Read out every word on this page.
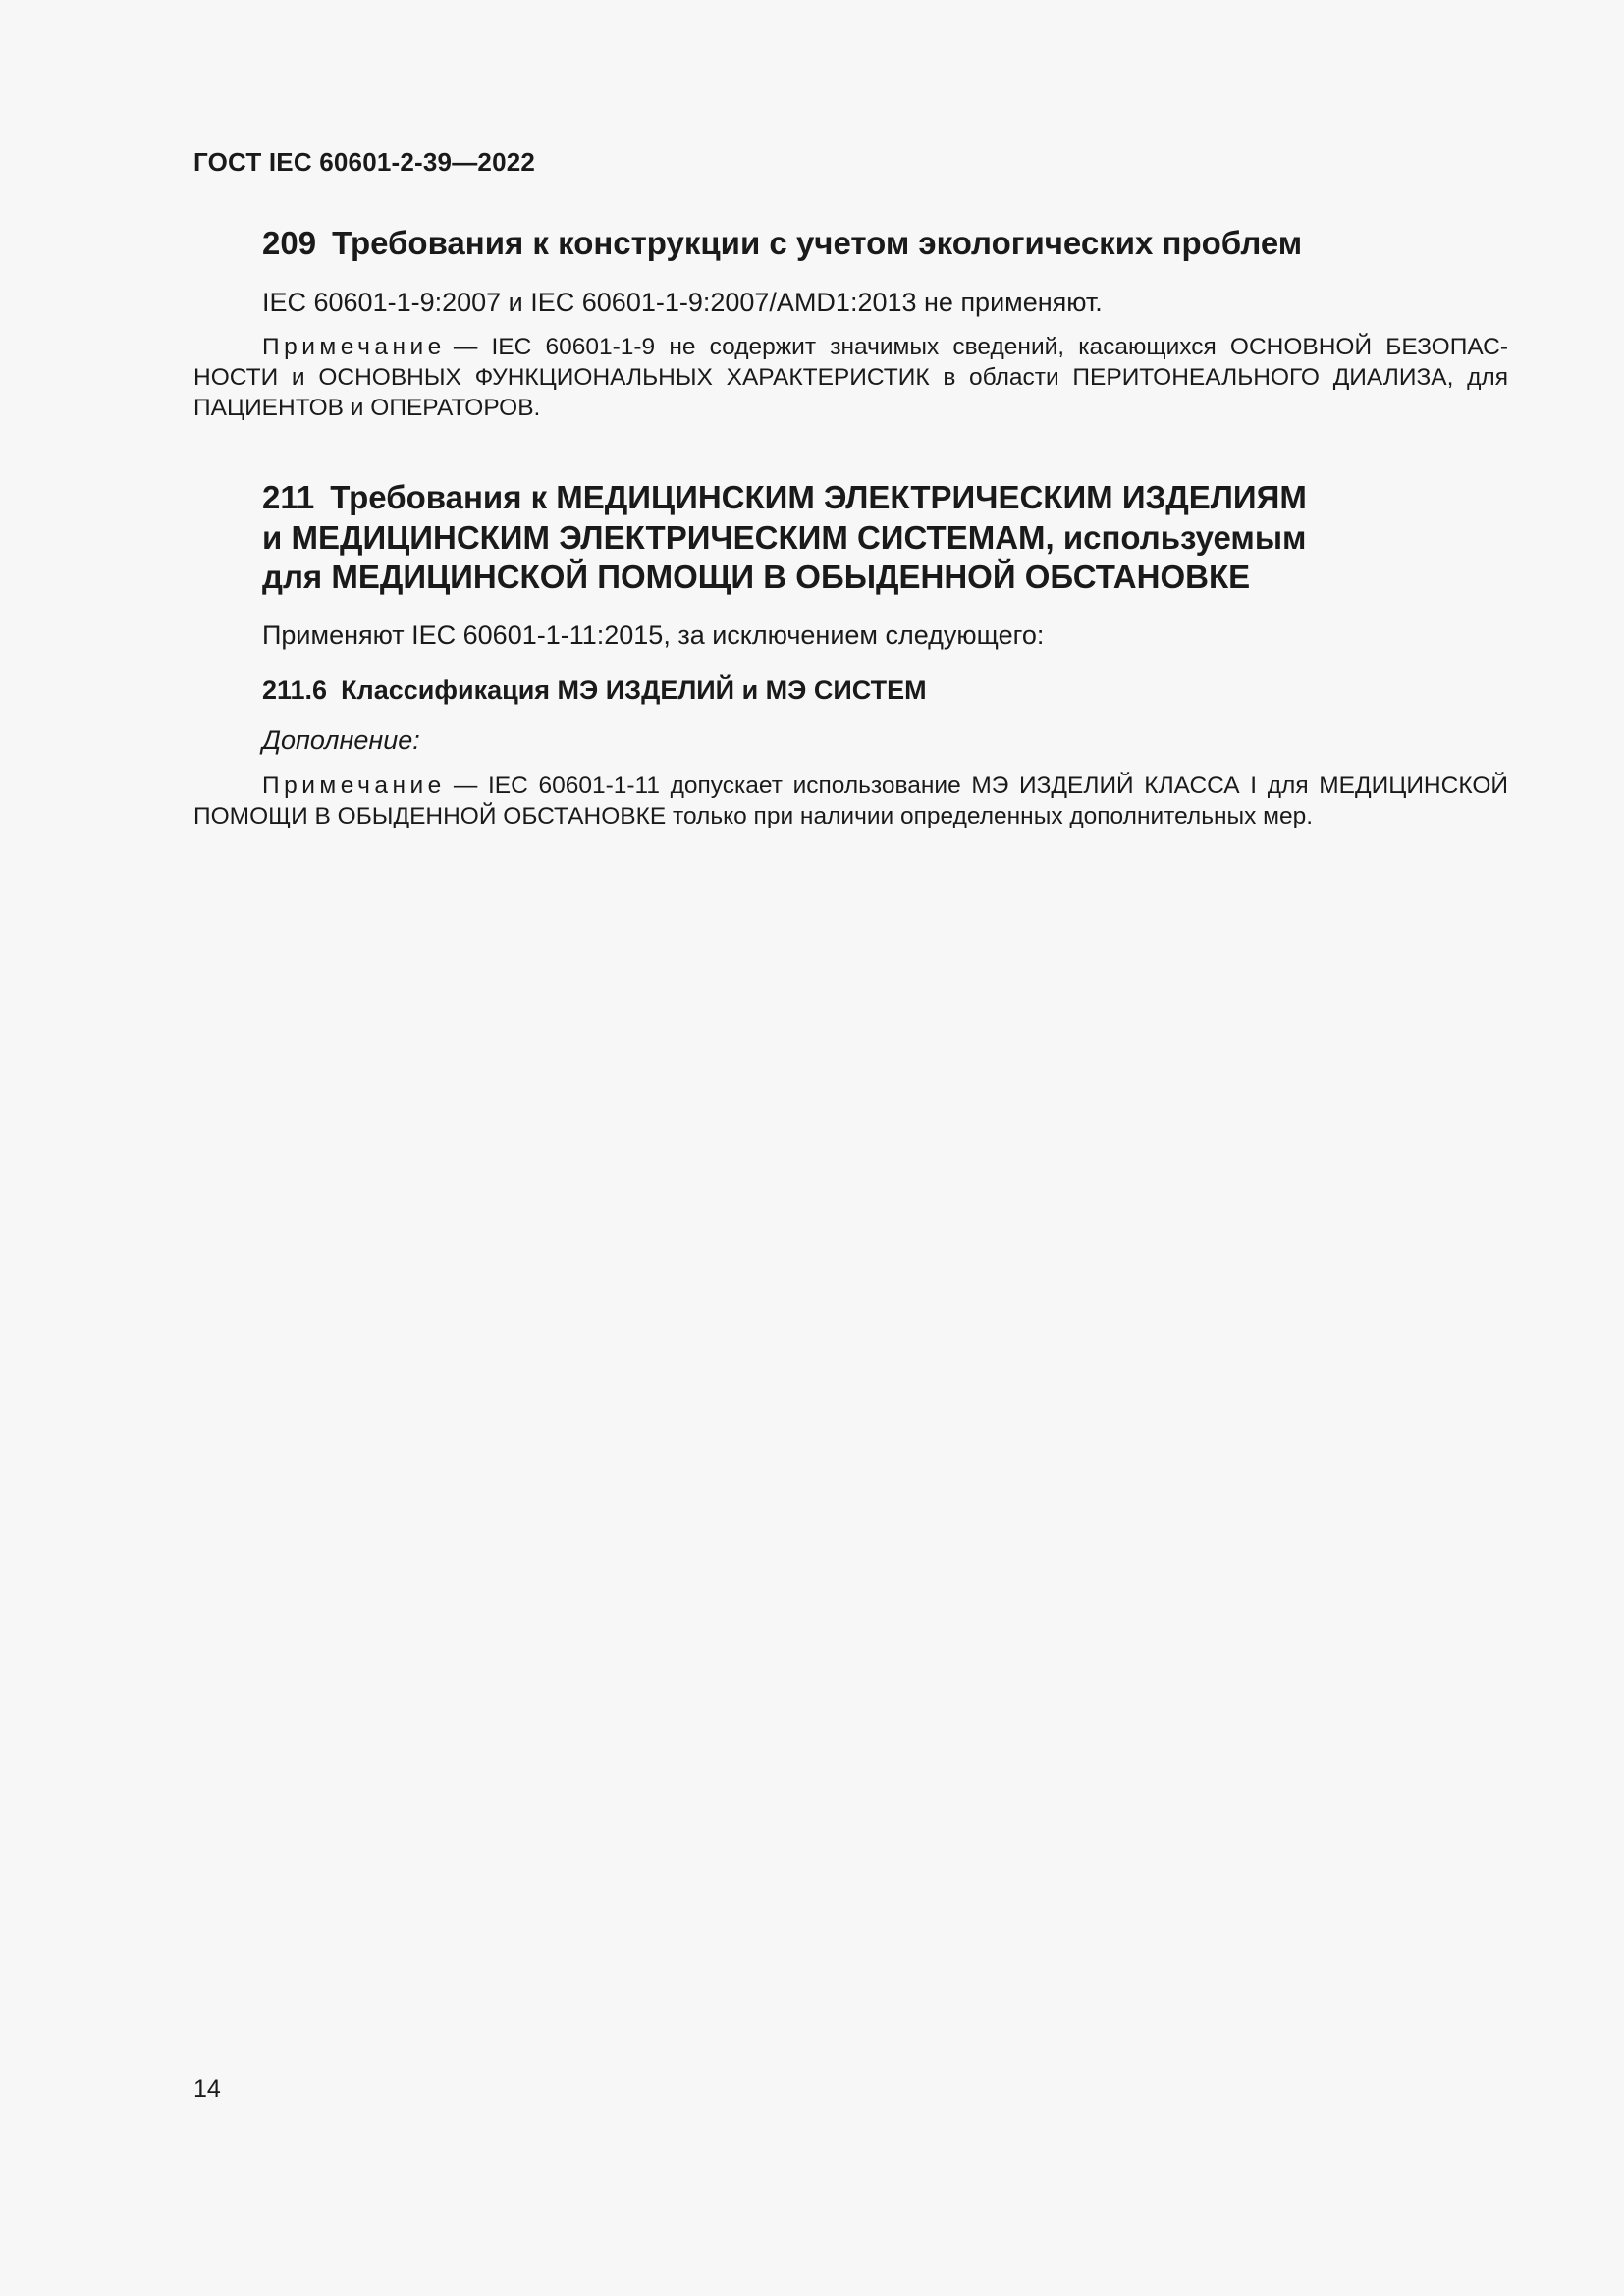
ГОСТ IEC 60601-2-39—2022
209 Требования к конструкции с учетом экологических проблем
IEC 60601-1-9:2007 и IEC 60601-1-9:2007/AMD1:2013 не применяют.
Примечание — IEC 60601-1-9 не содержит значимых сведений, касающихся ОСНОВНОЙ БЕЗОПАСНОСТИ и ОСНОВНЫХ ФУНКЦИОНАЛЬНЫХ ХАРАКТЕРИСТИК в области ПЕРИТОНЕАЛЬНОГО ДИАЛИЗА, для ПАЦИЕНТОВ и ОПЕРАТОРОВ.
211 Требования к МЕДИЦИНСКИМ ЭЛЕКТРИЧЕСКИМ ИЗДЕЛИЯМ
и МЕДИЦИНСКИМ ЭЛЕКТРИЧЕСКИМ СИСТЕМАМ, используемым
для МЕДИЦИНСКОЙ ПОМОЩИ В ОБЫДЕННОЙ ОБСТАНОВКЕ
Применяют IEC 60601-1-11:2015, за исключением следующего:
211.6 Классификация МЭ ИЗДЕЛИЙ и МЭ СИСТЕМ
Дополнение:
Примечание — IEC 60601-1-11 допускает использование МЭ ИЗДЕЛИЙ КЛАССА I для МЕДИЦИНСКОЙ ПОМОЩИ В ОБЫДЕННОЙ ОБСТАНОВКЕ только при наличии определенных дополнительных мер.
14
